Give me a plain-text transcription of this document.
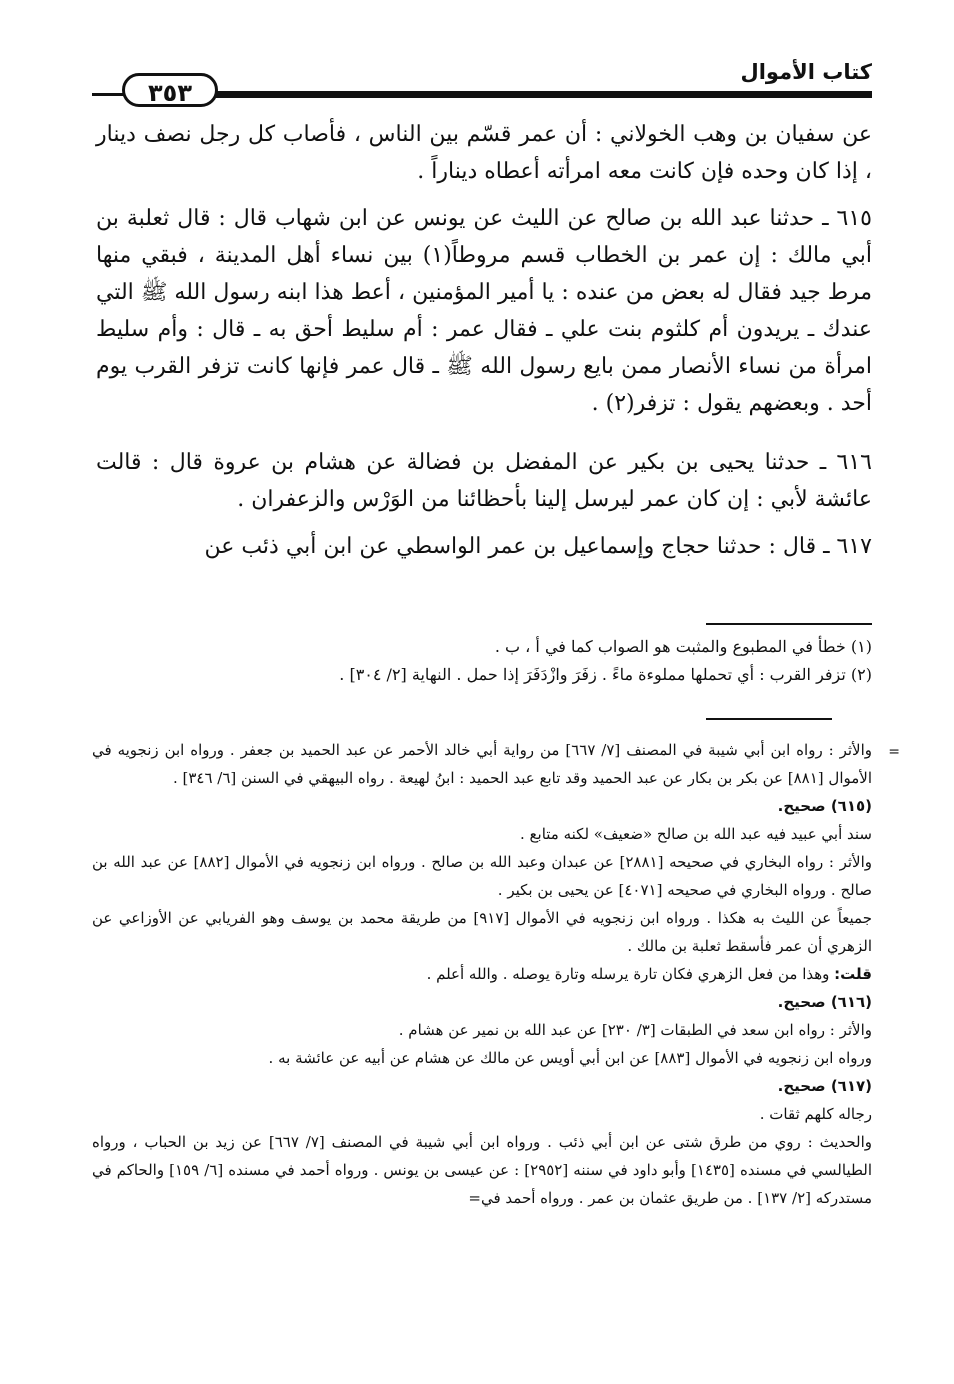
كتاب الأموال
٣٥٣

عن سفيان بن وهب الخولاني : أن عمر قسّم بين الناس ، فأصاب كل رجل نصف دينار ، إذا كان وحده فإن كانت معه امرأته أعطاه ديناراً .

٦١٥ ـ حدثنا عبد الله بن صالح عن الليث عن يونس عن ابن شهاب قال : قال ثعلبة بن أبي مالك : إن عمر بن الخطاب قسم مروطاً(١) بين نساء أهل المدينة ، فبقي منها مرط جيد فقال له بعض من عنده : يا أمير المؤمنين ، أعط هذا ابنه رسول الله ﷺ التي عندك ـ يريدون أم كلثوم بنت علي ـ فقال عمر : أم سليط أحق به ـ قال : وأم سليط امرأة من نساء الأنصار ممن بايع رسول الله ﷺ ـ قال عمر فإنها كانت تزفر القرب يوم أحد . وبعضهم يقول : تزفر(٢) .

٦١٦ ـ حدثنا يحيى بن بكير عن المفضل بن فضالة عن هشام بن عروة قال : قالت عائشة لأبي : إن كان عمر ليرسل إلينا بأحظائنا من الوَرْس والزعفران .

٦١٧ ـ قال : حدثنا حجاج وإسماعيل بن عمر الواسطي عن ابن أبي ذئب عن

(١) خطأ في المطبوع والمثبت هو الصواب كما في أ ، ب .
(٢) تزفر القرب : أي تحملها مملوءة ماءً . زفَرَ وازْدَفَرَ إذا حمل . النهاية [٢/ ٣٠٤] .
=

والأثر : رواه ابن أبي شيبة في المصنف [٧/ ٦٦٧] من رواية أبي خالد الأحمر عن عبد الحميد بن جعفر . ورواه ابن زنجويه في الأموال [٨٨١] عن بكر بن بكار عن عبد الحميد وقد تابع عبد الحميد : ابنُ لهيعة . رواه البيهقي في السنن [٦/ ٣٤٦] .

(٦١٥) صحيح.

سند أبي عبيد فيه عبد الله بن صالح «ضعيف» لكنه متابع .

والأثر : رواه البخاري في صحيحه [٢٨٨١] عن عبدان وعبد الله بن صالح . ورواه ابن زنجويه في الأموال [٨٨٢] عن عبد الله بن صالح . ورواه البخاري في صحيحه [٤٠٧١] عن يحيى بن بكير .

جميعاً عن الليث به هكذا . ورواه ابن زنجويه في الأموال [٩١٧] من طريقة محمد بن يوسف وهو الفريابي عن الأوزاعي عن الزهري أن عمر فأسقط ثعلبة بن مالك .

قلت: وهذا من فعل الزهري فكان تارة يرسله وتارة يوصله . والله أعلم .

(٦١٦) صحيح.

والأثر : رواه ابن سعد في الطبقات [٣/ ٢٣٠] عن عبد الله بن نمير عن هشام .

ورواه ابن زنجويه في الأموال [٨٨٣] عن ابن أبي أويس عن مالك عن هشام عن أبيه عن عائشة به .

(٦١٧) صحيح.

رجاله كلهم ثقات .

والحديث : روي من طرق شتى عن ابن أبي ذئب . ورواه ابن أبي شيبة في المصنف [٧/ ٦٦٧] عن زيد بن الحباب ، ورواه الطيالسي في مسنده [١٤٣٥] وأبو داود في سننه [٢٩٥٢] : عن عيسى بن يونس . ورواه أحمد في مسنده [٦/ ١٥٩] والحاكم في مستدركه [٢/ ١٣٧] . من طريق عثمان بن عمر . ورواه أحمد في=
